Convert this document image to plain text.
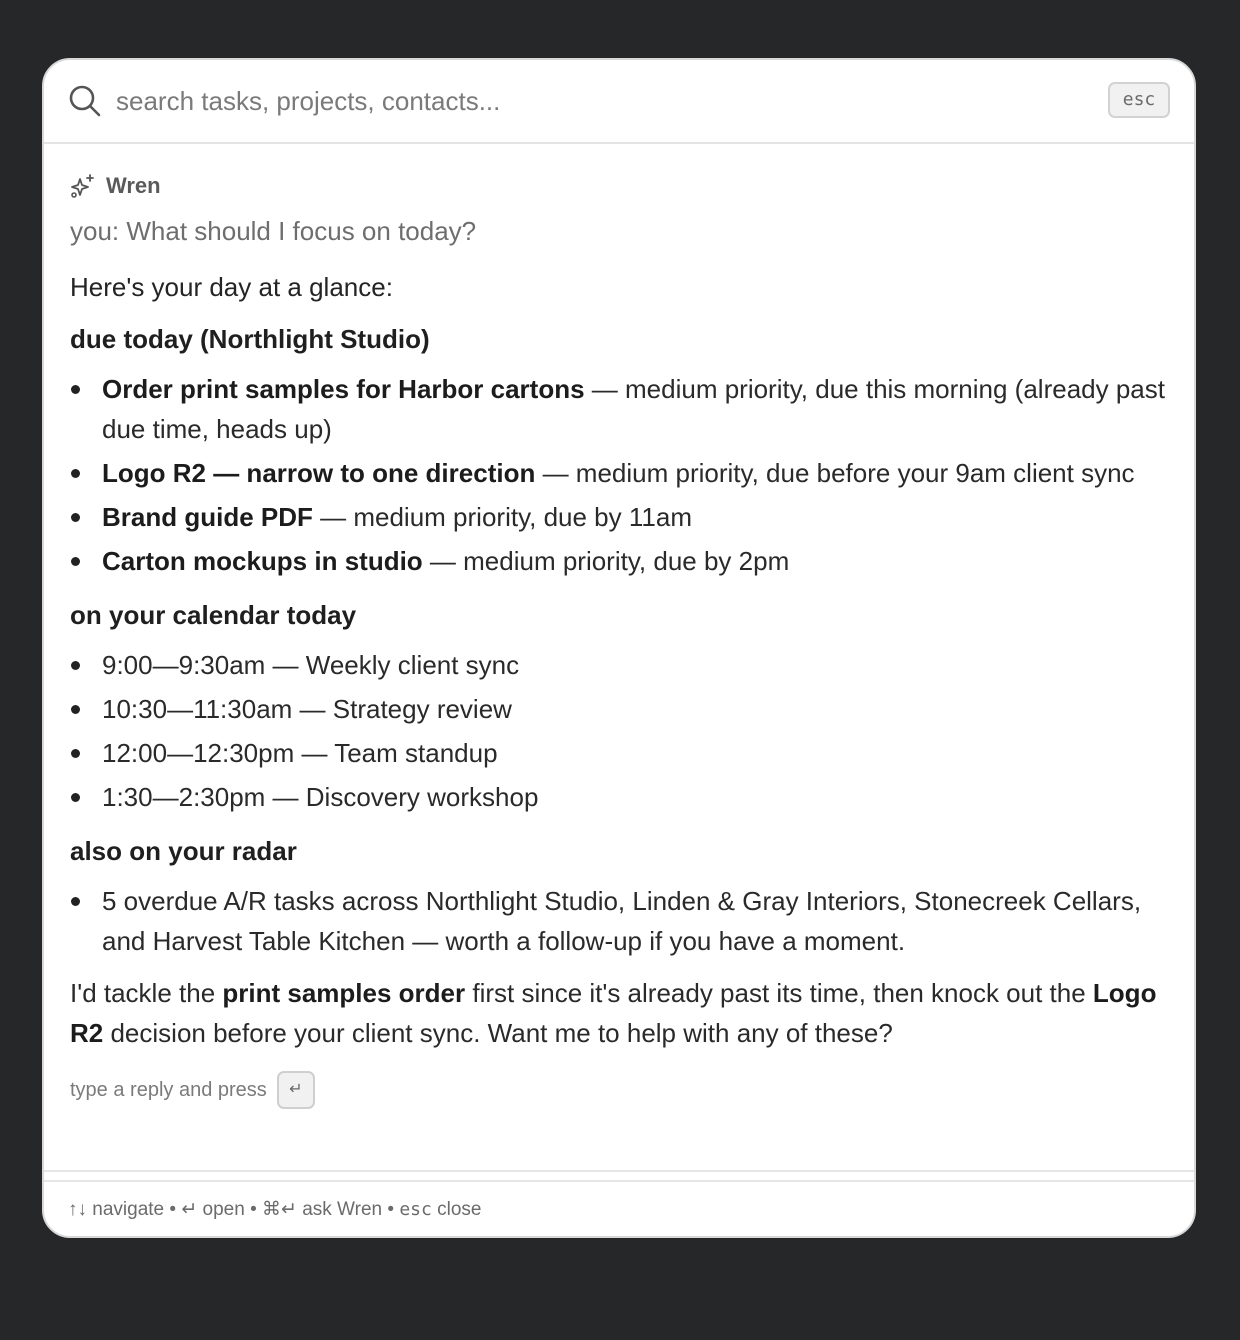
search tasks, projects, contacts...
esc
Wren
you: What should I focus on today?
Here's your day at a glance:
due today (Northlight Studio)
Order print samples for Harbor cartons — medium priority, due this morning (already past due time, heads up)
Logo R2 — narrow to one direction — medium priority, due before your 9am client sync
Brand guide PDF — medium priority, due by 11am
Carton mockups in studio — medium priority, due by 2pm
on your calendar today
9:00—9:30am — Weekly client sync
10:30—11:30am — Strategy review
12:00—12:30pm — Team standup
1:30—2:30pm — Discovery workshop
also on your radar
5 overdue A/R tasks across Northlight Studio, Linden & Gray Interiors, Stonecreek Cellars, and Harvest Table Kitchen — worth a follow-up if you have a moment.
I'd tackle the print samples order first since it's already past its time, then knock out the Logo R2 decision before your client sync. Want me to help with any of these?
type a reply and press	↵
↑↓ navigate • ↵ open • ⌘↵ ask Wren • esc close
